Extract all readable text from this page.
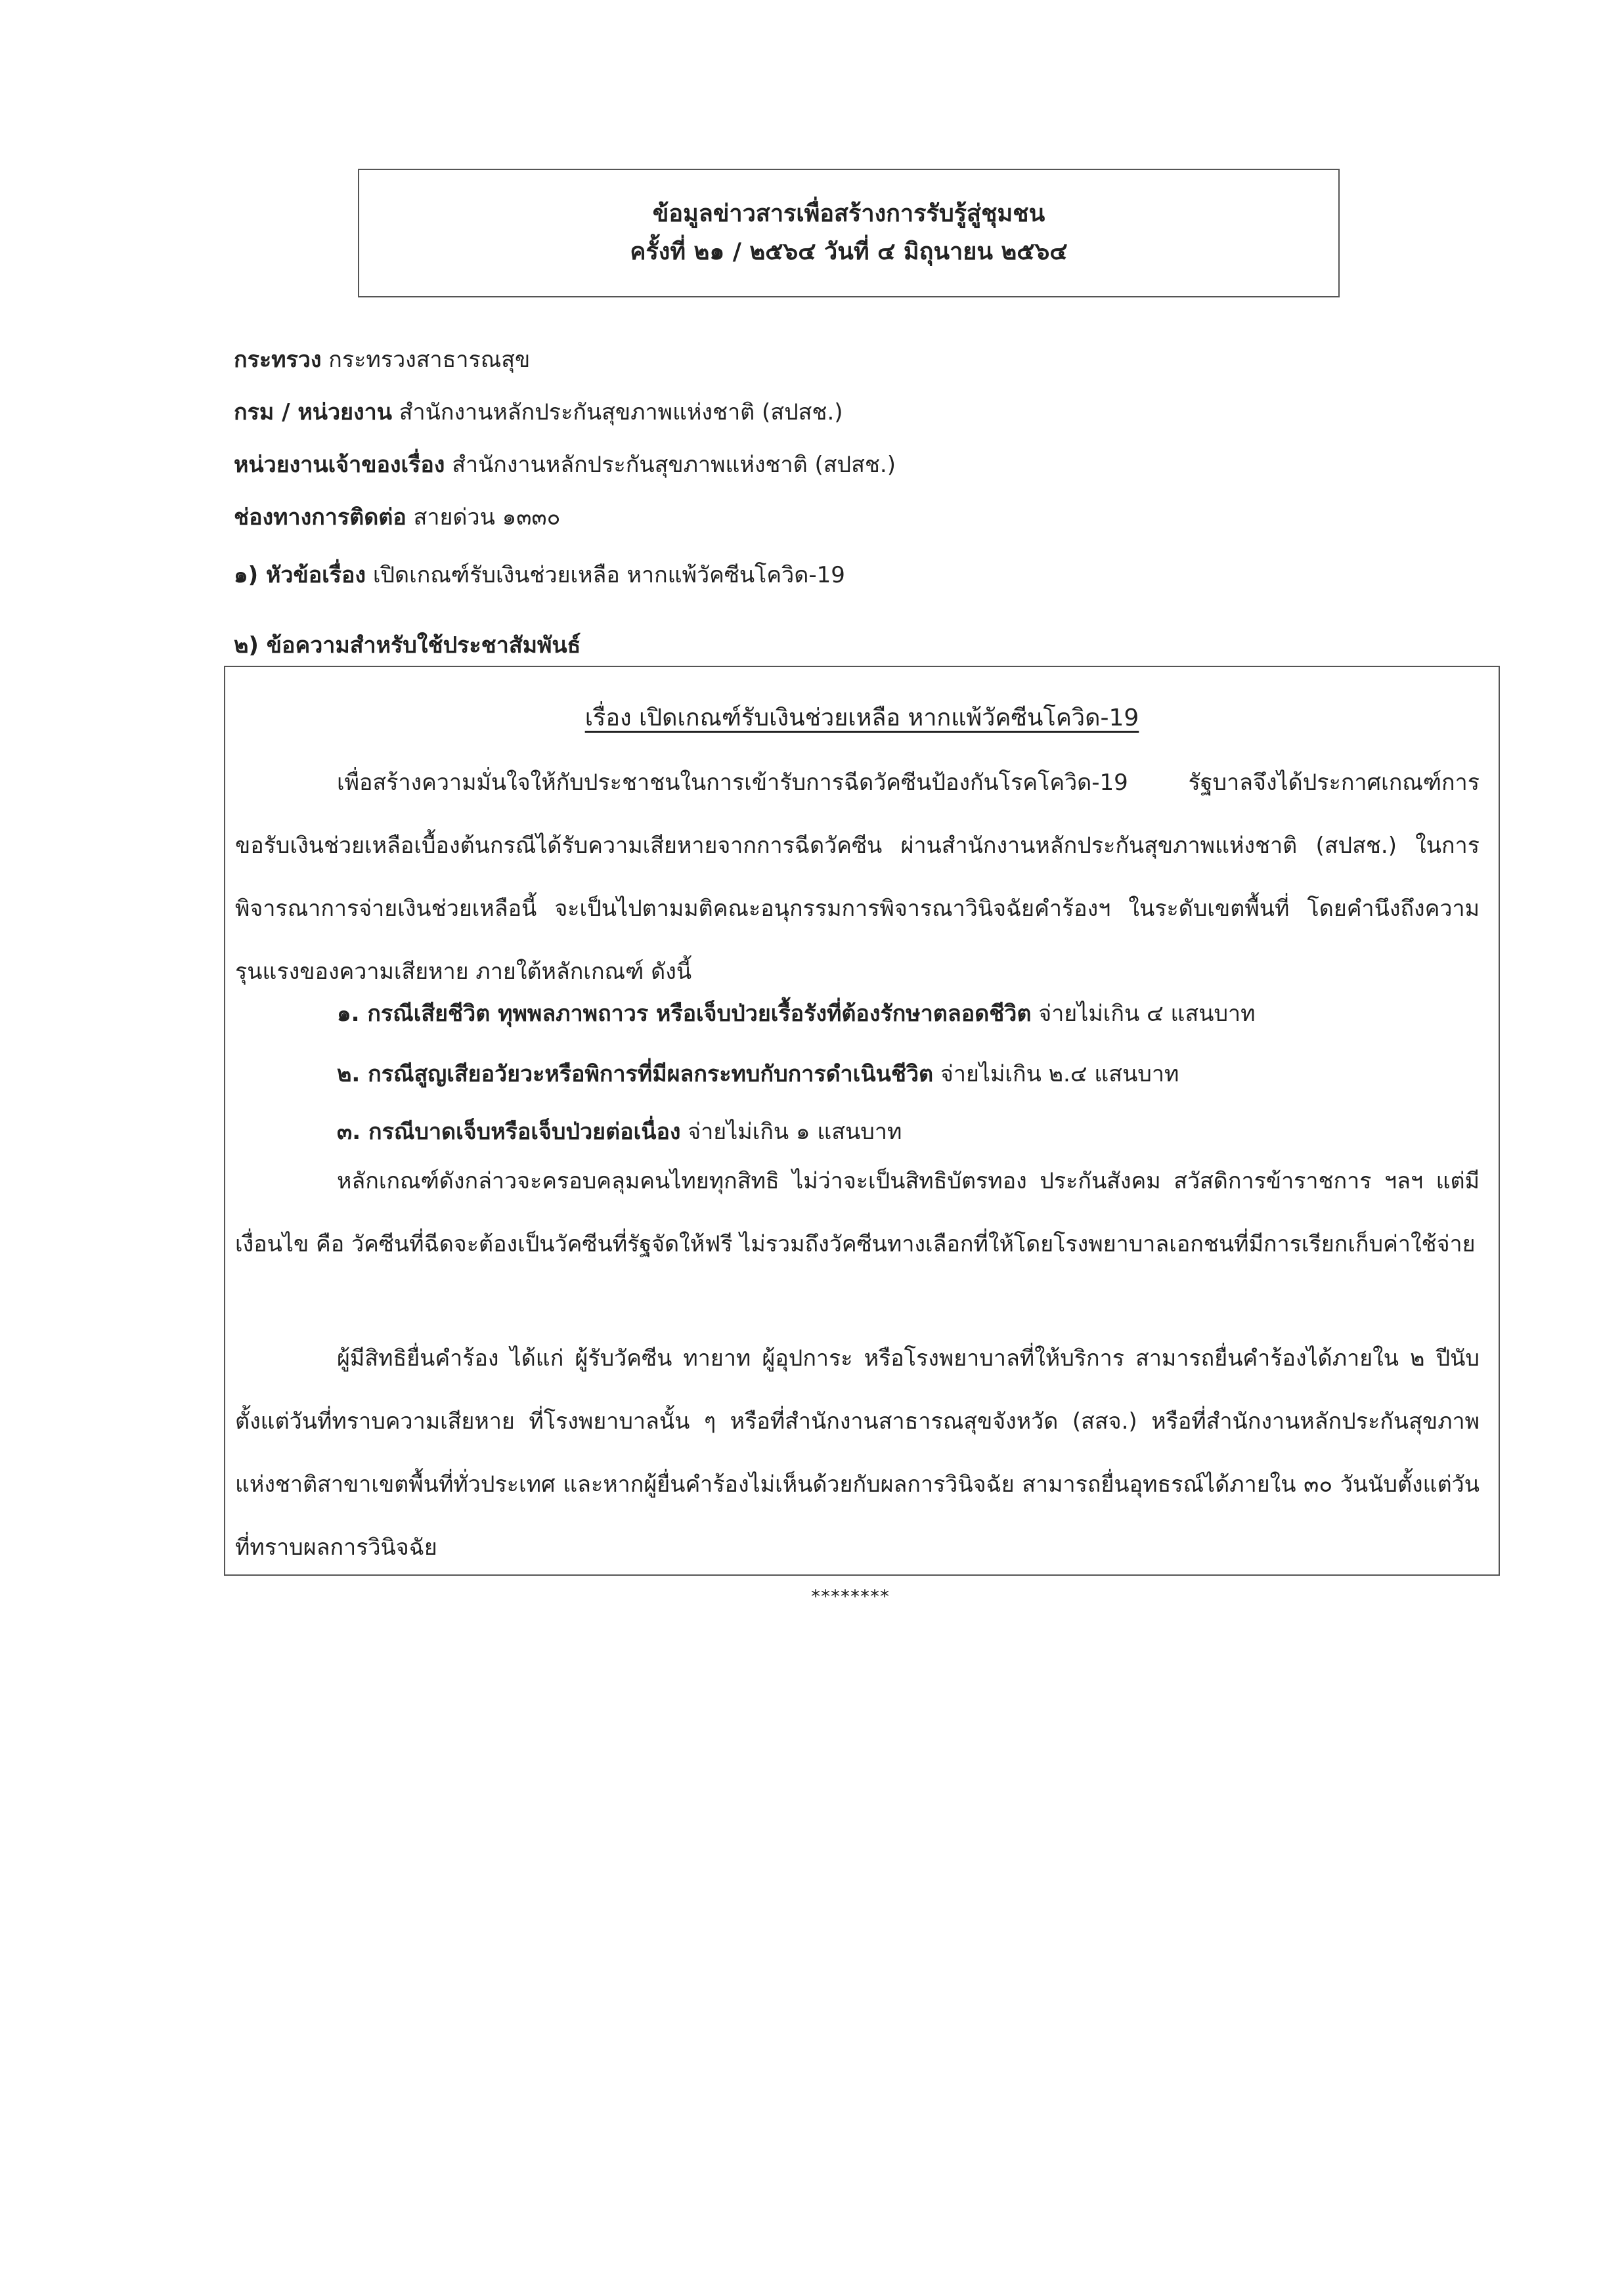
ข้อมูลข่าวสารเพื่อสร้างการรับรู้สู่ชุมชน
ครั้งที่ ๒๑ / ๒๕๖๔ วันที่ ๔ มิถุนายน ๒๕๖๔
กระทรวง กระทรวงสาธารณสุข
กรม / หน่วยงาน สำนักงานหลักประกันสุขภาพแห่งชาติ (สปสช.)
หน่วยงานเจ้าของเรื่อง สำนักงานหลักประกันสุขภาพแห่งชาติ (สปสช.)
ช่องทางการติดต่อ สายด่วน ๑๓๓๐
๑) หัวข้อเรื่อง เปิดเกณฑ์รับเงินช่วยเหลือ หากแพ้วัคซีนโควิด-19
๒) ข้อความสำหรับใช้ประชาสัมพันธ์
เรื่อง เปิดเกณฑ์รับเงินช่วยเหลือ หากแพ้วัคซีนโควิด-19
เพื่อสร้างความมั่นใจให้กับประชาชนในการเข้ารับการฉีดวัคซีนป้องกันโรคโควิด-19 รัฐบาลจึงได้ประกาศเกณฑ์การขอรับเงินช่วยเหลือเบื้องต้นกรณีได้รับความเสียหายจากการฉีดวัคซีน ผ่านสำนักงานหลักประกันสุขภาพแห่งชาติ (สปสช.) ในการพิจารณาการจ่ายเงินช่วยเหลือนี้ จะเป็นไปตามมติคณะอนุกรรมการพิจารณาวินิจฉัยคำร้องฯ ในระดับเขตพื้นที่ โดยคำนึงถึงความรุนแรงของความเสียหาย ภายใต้หลักเกณฑ์ ดังนี้
๑. กรณีเสียชีวิต ทุพพลภาพถาวร หรือเจ็บป่วยเรื้อรังที่ต้องรักษาตลอดชีวิต จ่ายไม่เกิน ๔ แสนบาท
๒. กรณีสูญเสียอวัยวะหรือพิการที่มีผลกระทบกับการดำเนินชีวิต จ่ายไม่เกิน ๒.๔ แสนบาท
๓. กรณีบาดเจ็บหรือเจ็บป่วยต่อเนื่อง จ่ายไม่เกิน ๑ แสนบาท
หลักเกณฑ์ดังกล่าวจะครอบคลุมคนไทยทุกสิทธิ ไม่ว่าจะเป็นสิทธิบัตรทอง ประกันสังคม สวัสดิการข้าราชการ ฯลฯ แต่มีเงื่อนไข คือ วัคซีนที่ฉีดจะต้องเป็นวัคซีนที่รัฐจัดให้ฟรี ไม่รวมถึงวัคซีนทางเลือกที่ให้โดยโรงพยาบาลเอกชนที่มีการเรียกเก็บค่าใช้จ่าย
ผู้มีสิทธิยื่นคำร้อง ได้แก่ ผู้รับวัคซีน ทายาท ผู้อุปการะ หรือโรงพยาบาลที่ให้บริการ สามารถยื่นคำร้องได้ภายใน ๒ ปีนับตั้งแต่วันที่ทราบความเสียหาย ที่โรงพยาบาลนั้น ๆ หรือที่สำนักงานสาธารณสุขจังหวัด (สสจ.) หรือที่สำนักงานหลักประกันสุขภาพแห่งชาติสาขาเขตพื้นที่ทั่วประเทศ และหากผู้ยื่นคำร้องไม่เห็นด้วยกับผลการวินิจฉัย สามารถยื่นอุทธรณ์ได้ภายใน ๓๐ วันนับตั้งแต่วันที่ทราบผลการวินิจฉัย
********
